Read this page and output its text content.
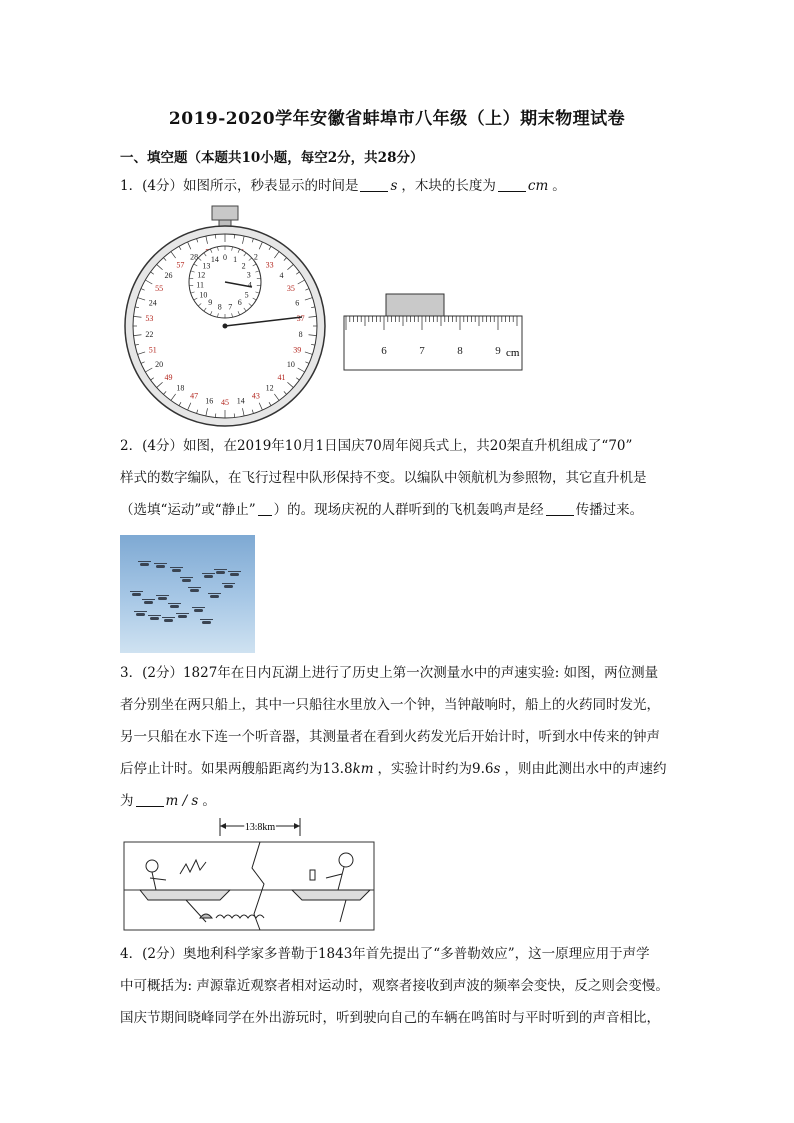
2019-2020学年安徽省蚌埠市八年级（上）期末物理试卷
一、填空题（本题共10小题，每空2分，共28分）
1．(4分）如图所示，秒表显示的时间是 s ，木块的长度为 cm 。
2
33
4
35
6
37
8
39
10
41
12
43
14
45
16
47
18
49
20
51
22
53
24
55
26
57
28	0 1
2
3
4
5
6
7
8
9
10
11
12
13
14
6	7	8	9 cm
2．(4分）如图，在2019年10月1日国庆70周年阅兵式上，共20架直升机组成了“70”
样式的数字编队，在飞行过程中队形保持不变。以编队中领航机为参照物，其它直升机是
（选填“运动”或“静止” ）的。现场庆祝的人群听到的飞机轰鸣声是经 传播过来。
3．(2分）1827年在日内瓦湖上进行了历史上第一次测量水中的声速实验: 如图，两位测量
者分别坐在两只船上，其中一只船往水里放入一个钟，当钟敲响时，船上的火药同时发光，
另一只船在水下连一个听音器，其测量者在看到火药发光后开始计时，听到水中传来的钟声
后停止计时。如果两艘船距离约为13.8km ，实验计时约为9.6s ，则由此测出水中的声速约
为 m / s 。
13.8km
4．(2分）奥地利科学家多普勒于1843年首先提出了“多普勒效应”，这一原理应用于声学
中可概括为: 声源靠近观察者相对运动时，观察者接收到声波的频率会变快，反之则会变慢。
国庆节期间晓峰同学在外出游玩时，听到驶向自己的车辆在鸣笛时与平时听到的声音相比，
